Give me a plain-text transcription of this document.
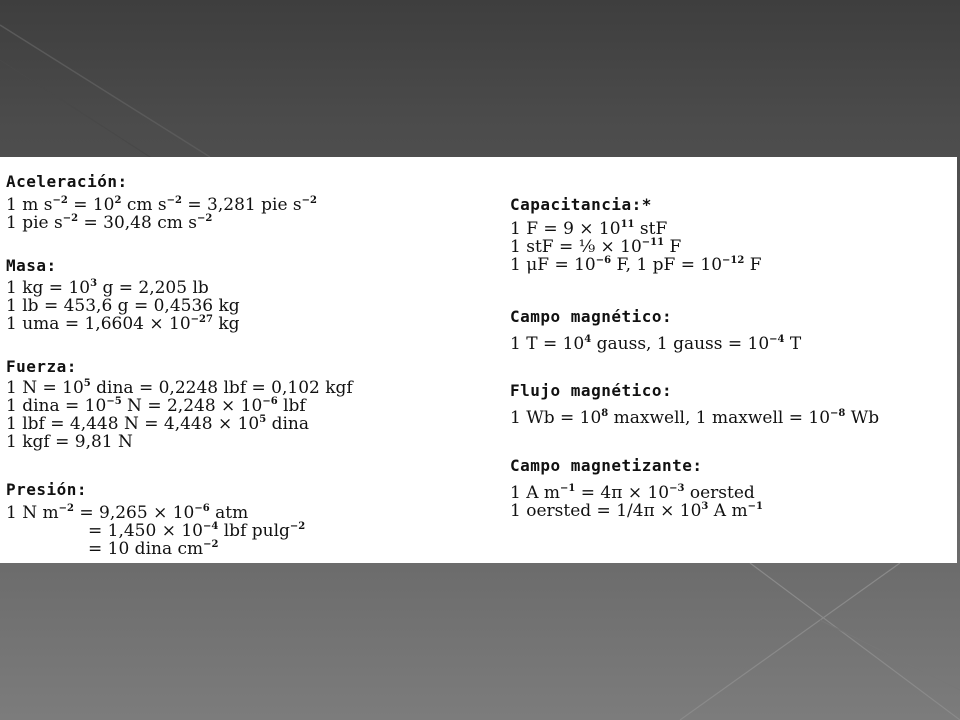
Aceleración:
1 m $s^{-2} = 10^2$ cm $s^{-2} = 3,281$ pie $s^{-2}$
1 pie $s^{-2} = 30,48$ cm $s^{-2}$
Masa:
1 kg = $10^3$ g = 2,205 lb
1 lb = 453,6 g = 0,4536 kg
1 uma = $1,6604 \times 10^{-27}$ kg
Fuerza:
1 $N = 10^5$ dina = 0,2248 lbf = 0,102 kgf
1 dina = $10^{-5}$ $N = 2,248 \times 10^{-6}$ lbf
1 lbf = 4,448 $N = 4,448 \times 10^5$ dina
1 kgf = 9,81 N
Presión:
1 N $m^{-2} = 9,265 \times 10^{-6}$ atm
= $1,450 \times 10^{-4}$ lbf pulg$^{-2}$
= 10 dina $cm^{-2}$
Capacitancia:*
1 $F = 9 \times 10^{11}$ stF
1 stF = ⅑ × $10^{-11}$ F
1 $\mu F = 10^{-6}$ F, 1 pF = $10^{-12}$ F
Campo magnético:
1 $T = 10^4$ gauss, 1 gauss = $10^{-4}$ T
Flujo magnético:
1 $Wb = 10^8$ maxwell, 1 maxwell = $10^{-8}$ Wb
Campo magnetizante:
1 A $m^{-1} = 4\pi \times 10^{-3}$ oersted
1 oersted = $1/4\pi \times 10^3$ A $m^{-1}$
